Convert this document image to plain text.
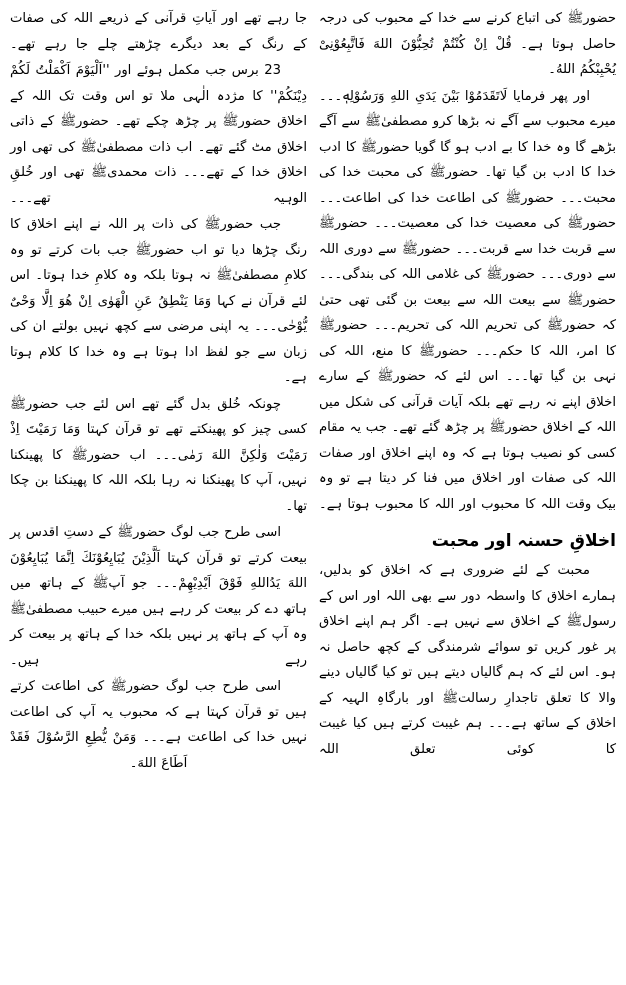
حضورﷺ کی اتباع کرنے سے خدا کے محبوب کی درجہ حاصل ہوتا ہے۔ قُلْ اِنْ كُنْتُمْ تُحِبُّوْنَ اللهَ فَاتَّبِعُوْنِیْ یُحْبِبْكُمُ اللهُ۔

اور پھر فرمایا لَاتَقَدَمُوْا بَیْنَ یَدَیِ اللهِ وَرَسُوْلِهٖ۔۔۔ میرے محبوب سے آگے نہ بڑھا کرو مصطفیٰﷺ سے آگے بڑھے گا وہ خدا کا بے ادب ہو گا گویا حضورﷺ کا ادب خدا کا ادب بن گیا تھا۔ حضورﷺ کی محبت خدا کی محبت۔۔۔ حضورﷺ کی اطاعت خدا کی اطاعت۔۔۔ حضورﷺ کی معصیت خدا کی معصیت۔۔۔ حضورﷺ سے قربت خدا سے قربت۔۔۔ حضورﷺ سے دوری اللہ سے دوری۔۔۔ حضورﷺ کی غلامی اللہ کی بندگی۔۔۔ حضورﷺ سے بیعت اللہ سے بیعت بن گئی تھی حتیٰ کہ حضورﷺ کی تحریم اللہ کی تحریم۔۔۔ حضورﷺ کا امر، اللہ کا حکم۔۔۔ حضورﷺ کا منع، اللہ کی نہی بن گیا تھا۔۔۔ اس لئے کہ حضورﷺ کے سارے اخلاق اپنے نہ رہے تھے بلکہ آیات قرآنی کی شکل میں اللہ کے اخلاق حضورﷺ پر چڑھ گئے تھے۔ جب یہ مقام کسی کو نصیب ہوتا ہے کہ وہ اپنے اخلاق اور صفات اللہ کی صفات اور اخلاق میں فنا کر دیتا ہے تو وہ بیک وقت اللہ کا محبوب اور اللہ کا محبوب ہوتا ہے۔

اخلاقِ حسنہ اور محبت

محبت کے لئے ضروری ہے کہ اخلاق کو بدلیں، ہمارے اخلاق کا واسطہ دور سے بھی اللہ اور اس کے رسولﷺ کے اخلاق سے نہیں ہے۔ اگر ہم اپنے اخلاق پر غور کریں تو سوائے شرمندگی کے کچھ حاصل نہ ہو۔ اس لئے کہ ہم گالیاں دیتے ہیں تو کیا گالیاں دینے والا کا تعلق تاجدارِ رسالتﷺ اور بارگاہِ الہیہ کے اخلاق کے ساتھ ہے۔۔۔ ہم غیبت کرتے ہیں کیا غیبت کا کوئی تعلق اللہ

جا رہے تھے اور آیاتِ قرآنی کے ذریعے اللہ کی صفات کے رنگ کے بعد دیگرے چڑھتے چلے جا رہے تھے۔

23 برس جب مکمل ہوئے اور ''اَلْیَوْمَ اَكْمَلْتُ لَكُمْ دِیْنَكُمْ'' کا مژدہ الٰہی ملا تو اس وقت تک اللہ کے اخلاق حضورﷺ پر چڑھ چکے تھے۔ حضورﷺ کے ذاتی اخلاق مٹ گئے تھے۔ اب ذات مصطفیٰﷺ کی تھی اور اخلاق خدا کے تھے۔۔۔ ذات محمدیﷺ تھی اور خُلقِ الوہیہ تھے۔۔۔

جب حضورﷺ کی ذات پر اللہ نے اپنے اخلاق کا رنگ چڑھا دیا تو اب حضورﷺ جب بات کرتے تو وہ کلامِ مصطفیٰﷺ نہ ہوتا بلکہ وہ کلامِ خدا ہوتا۔ اس لئے قرآن نے کہا وَمَا یَنْطِقُ عَنِ الْهَوٰی اِنْ هُوَ اِلَّا وَحْیٌ یُّوْحٰی۔۔۔ یہ اپنی مرضی سے کچھ نہیں بولتے ان کی زبان سے جو لفظ ادا ہوتا ہے وہ خدا کا کلام ہوتا ہے۔

چونکہ خُلق بدل گئے تھے اس لئے جب حضورﷺ کسی چیز کو پھینکتے تھے تو قرآن کہتا وَمَا رَمَیْتَ اِذْ رَمَیْتَ وَلٰكِنَّ اللهَ رَمٰی۔۔۔ اب حضورﷺ کا پھینکنا نہیں، آپ کا پھینکنا نہ رہا بلکہ اللہ کا پھینکنا بن چکا تھا۔

اسی طرح جب لوگ حضورﷺ کے دستِ اقدس پر بیعت کرتے تو قرآن کہتا اَلَّذِیْنَ یُبَایِعُوْنَكَ اِنَّمَا یُبَایِعُوْنَ اللهَ یَدُاللهِ فَوْقَ اَیْدِیْهِمْ۔۔۔ جو آپﷺ کے ہاتھ میں ہاتھ دے کر بیعت کر رہے ہیں میرے حبیب مصطفیٰﷺ وہ آپ کے ہاتھ پر نہیں بلکہ خدا کے ہاتھ پر بیعت کر رہے ہیں۔

اسی طرح جب لوگ حضورﷺ کی اطاعت کرتے ہیں تو قرآن کہتا ہے کہ محبوب یہ آپ کی اطاعت نہیں خدا کی اطاعت ہے۔۔۔ وَمَنْ یُّطِعِ الرَّسُوْلَ فَقَدْ اَطَاعَ اللهَ۔
